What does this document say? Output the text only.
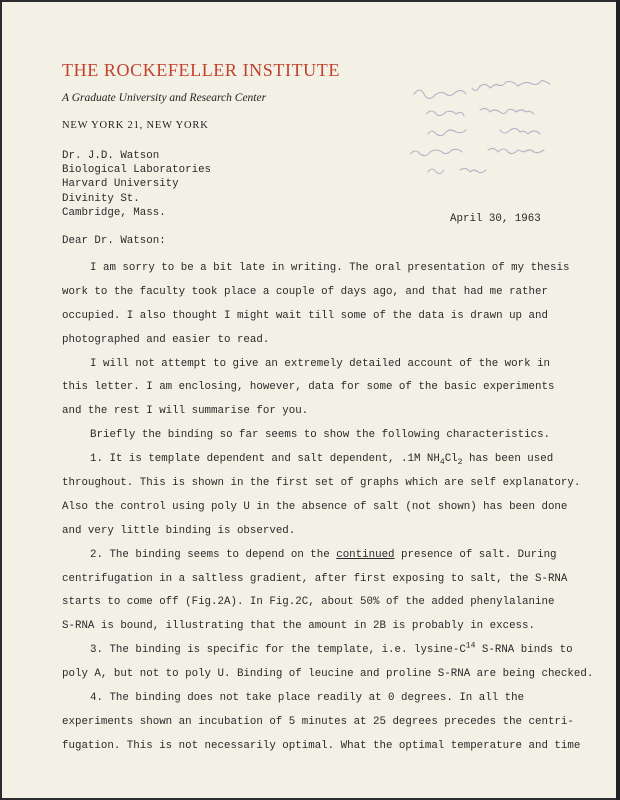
THE ROCKEFELLER INSTITUTE
A Graduate University and Research Center
NEW YORK 21, NEW YORK
Dr. J.D. Watson
Biological Laboratories
Harvard University
Divinity St.
Cambridge, Mass.
April 30, 1963
Dear Dr. Watson:
I am sorry to be a bit late in writing. The oral presentation of my thesis
work to the faculty took place a couple of days ago, and that had me rather
occupied. I also thought I might wait till some of the data is drawn up and
photographed and easier to read.
I will not attempt to give an extremely detailed account of the work in
this letter. I am enclosing, however, data for some of the basic experiments
and the rest I will summarise for you.
Briefly the binding so far seems to show the following characteristics.
1. It is template dependent and salt dependent, .1M $NH_4Cl_2$ has been used
throughout. This is shown in the first set of graphs which are self explanatory.
Also the control using poly U in the absence of salt (not shown) has been done
and very little binding is observed.
2. The binding seems to depend on the continued presence of salt. During
centrifugation in a saltless gradient, after first exposing to salt, the S-RNA
starts to come off (Fig.2A). In Fig.2C, about 50% of the added phenylalanine
S-RNA is bound, illustrating that the amount in 2B is probably in excess.
3. The binding is specific for the template, i.e. lysine-$C^{14}$ S-RNA binds to
poly A, but not to poly U. Binding of leucine and proline S-RNA are being checked.
4. The binding does not take place readily at 0 degrees. In all the
experiments shown an incubation of 5 minutes at 25 degrees precedes the centri-
fugation. This is not necessarily optimal. What the optimal temperature and time
